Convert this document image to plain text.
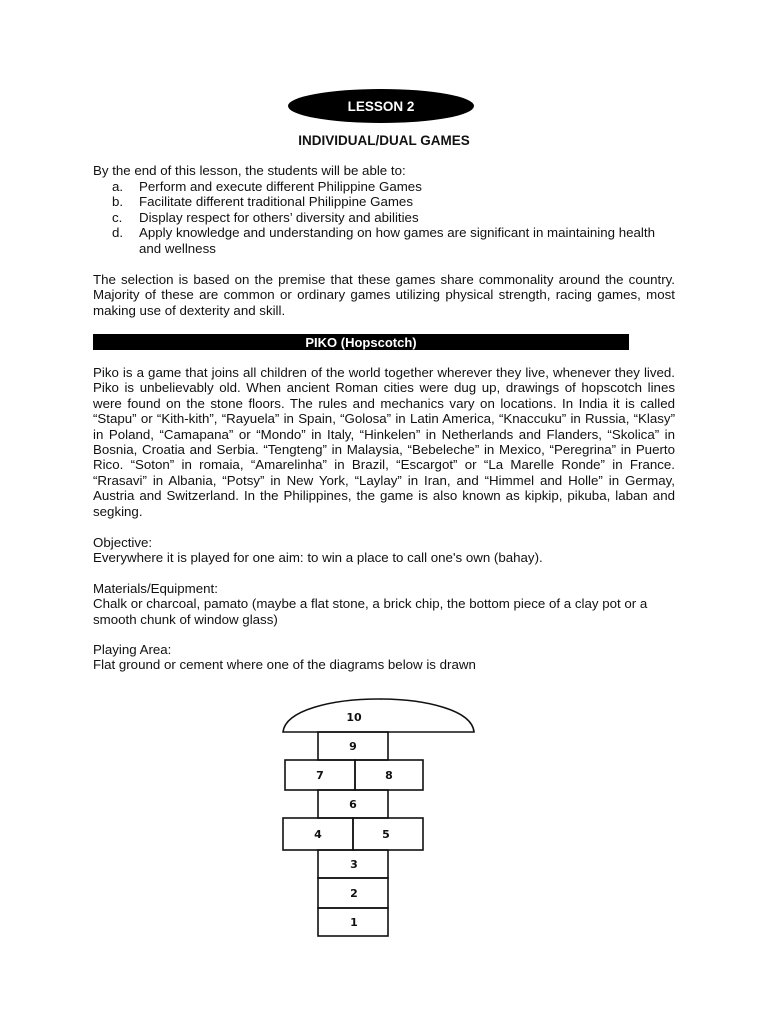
LESSON 2
INDIVIDUAL/DUAL GAMES
By the end of this lesson, the students will be able to:
a.	Perform and execute different Philippine Games
b.	Facilitate different traditional Philippine Games
c.	Display respect for others’ diversity and abilities
d.	Apply knowledge and understanding on how games are significant in maintaining health and wellness
The selection is based on the premise that these games share commonality around the country. Majority of these are common or ordinary games utilizing physical strength, racing games, most making use of dexterity and skill.
PIKO (Hopscotch)
Piko is a game that joins all children of the world together wherever they live, whenever they lived. Piko is unbelievably old. When ancient Roman cities were dug up, drawings of hopscotch lines were found on the stone floors. The rules and mechanics vary on locations. In India it is called “Stapu” or “Kith-kith”, “Rayuela” in Spain, “Golosa” in Latin America, “Knaccuku” in Russia, “Klasy” in Poland, “Camapana” or “Mondo” in Italy, “Hinkelen” in Netherlands and Flanders, “Skolica” in Bosnia, Croatia and Serbia. “Tengteng” in Malaysia, “Bebeleche” in Mexico, “Peregrina” in Puerto Rico. “Soton” in romaia, “Amarelinha” in Brazil, “Escargot” or “La Marelle Ronde” in France. “Rrasavi” in Albania, “Potsy” in New York, “Laylay” in Iran, and “Himmel and Holle” in Germay, Austria and Switzerland. In the Philippines, the game is also known as kipkip, pikuba, laban and segking.
Objective:
Everywhere it is played for one aim: to win a place to call one's own (bahay).
Materials/Equipment:
Chalk or charcoal, pamato (maybe a flat stone, a brick chip, the bottom piece of a clay pot or a smooth chunk of window glass)
Playing Area:
Flat ground or cement where one of the diagrams below is drawn
10
9
7	8
6
4	5
3
2
1
